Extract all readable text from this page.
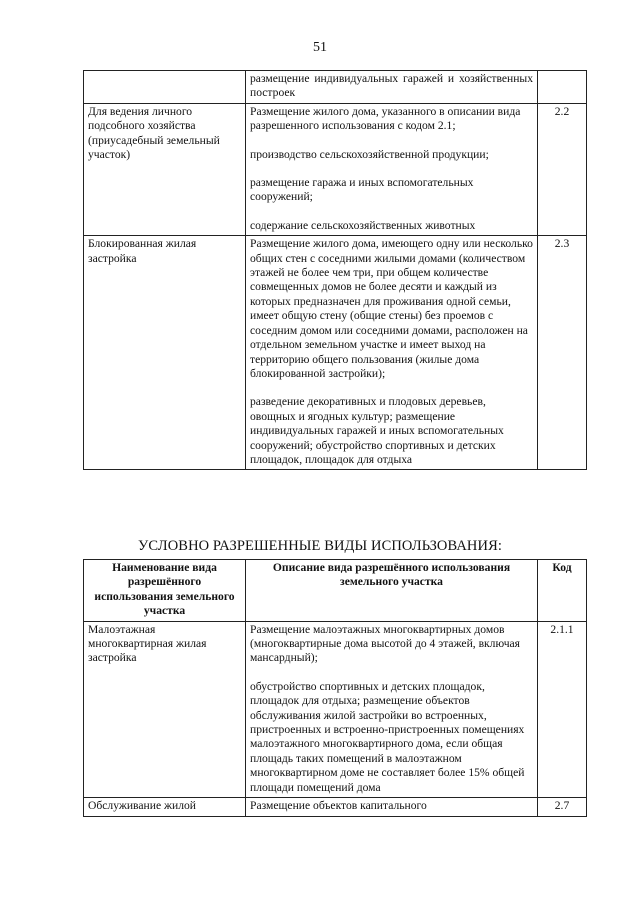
51

	размещение индивидуальных гаражей и хозяйственных построек	

Для ведения личного подсобного хозяйства (приусадебный земельный участок)	Размещение жилого дома, указанного в описании вида разрешенного использования с кодом 2.1;

производство сельскохозяйственной продукции;

размещение гаража и иных вспомогательных сооружений;

содержание сельскохозяйственных животных	2.2
Блокированная жилая застройка	Размещение жилого дома, имеющего одну или несколько общих стен с соседними жилыми домами (количеством этажей не более чем три, при общем количестве совмещенных домов не более десяти и каждый из которых предназначен для проживания одной семьи, имеет общую стену (общие стены) без проемов с соседним домом или соседними домами, расположен на отдельном земельном участке и имеет выход на территорию общего пользования (жилые дома блокированной застройки);

разведение декоративных и плодовых деревьев, овощных и ягодных культур; размещение индивидуальных гаражей и иных вспомогательных сооружений; обустройство спортивных и детских площадок, площадок для отдыха	2.3
УСЛОВНО РАЗРЕШЕННЫЕ ВИДЫ ИСПОЛЬЗОВАНИЯ:
Наименование вида разрешённого использования земельного участка	Описание вида разрешённого использования земельного участка	Код
Малоэтажная многоквартирная жилая застройка	Размещение малоэтажных многоквартирных домов (многоквартирные дома высотой до 4 этажей, включая мансардный);

обустройство спортивных и детских площадок, площадок для отдыха; размещение объектов обслуживания жилой застройки во встроенных, пристроенных и встроенно-пристроенных помещениях малоэтажного многоквартирного дома, если общая площадь таких помещений в малоэтажном многоквартирном доме не составляет более 15% общей площади помещений дома	2.1.1
Обслуживание жилой	Размещение объектов капитального	2.7
